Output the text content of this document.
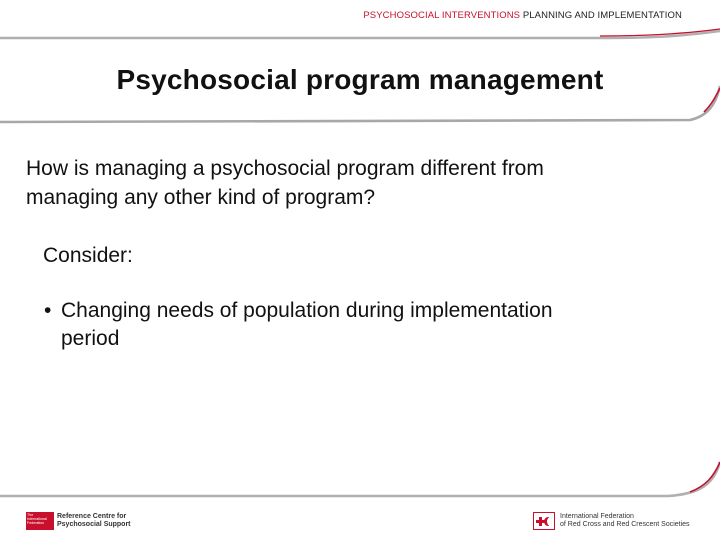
PSYCHOSOCIAL INTERVENTIONS PLANNING AND IMPLEMENTATION
Psychosocial program management
How is managing a psychosocial program different from
managing any other kind of program?
Consider:
• Changing needs of population during implementation
period
The
International
Federation
Reference Centre for
Psychosocial Support
International Federation
of Red Cross and Red Crescent Societies
